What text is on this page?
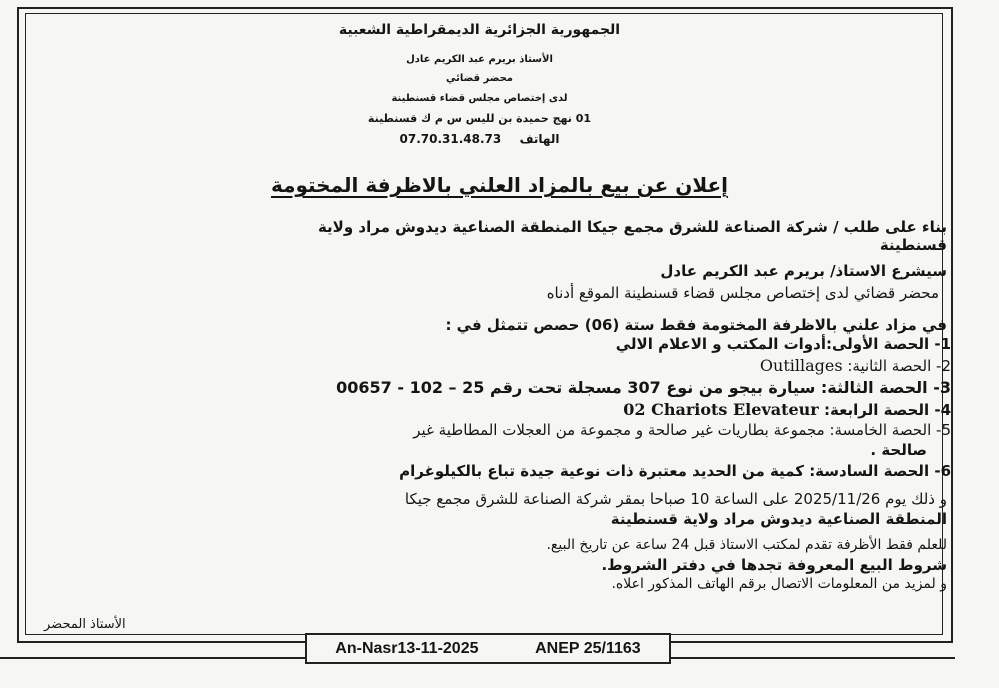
الجمهورية الجزائرية الديمقراطية الشعبية
الأستاذ بريرم عبد الكريم عادل
محضر قضائي
لدى إختصاص مجلس قضاء قسنطينة
01 نهج حميدة بن لليس س م ك قسنطينة
الهاتف  07.70.31.48.73
إعلان عن بيع بالمزاد العلني بالاظرفة المختومة
بناء على طلب / شركة الصناعة للشرق مجمع جيكا المنطقة الصناعية ديدوش مراد ولاية
قسنطينة
سيشرع الاستاذ/ بريرم عبد الكريم عادل
محضر قضائي لدى إختصاص مجلس قضاء قسنطينة الموقع أدناه
في مزاد علني بالاظرفة المختومة فقط ستة (06) حصص تتمثل في :
1- الحصة الأولى:أدوات المكتب و الاعلام الالي
2- الحصة الثانية: Outillages
3- الحصة الثالثة: سيارة بيجو من نوع 307 مسجلة تحت رقم 25 – 102 - 00657
4- الحصة الرابعة: 02 Chariots Elevateur
5- الحصة الخامسة: مجموعة بطاريات غير صالحة و مجموعة من العجلات المطاطية غير
صالحة .
6- الحصة السادسة: كمية من الحديد معتبرة ذات نوعية جيدة تباع بالكيلوغرام
و ذلك يوم 2025/11/26 على الساعة 10 صباحا بمقر شركة الصناعة للشرق مجمع جيكا
المنطقة الصناعية ديدوش مراد ولاية قسنطينة
للعلم فقط الأظرفة تقدم لمكتب الاستاذ قبل 24 ساعة عن تاريخ البيع.
شروط البيع المعروفة تجدها في دفتر الشروط.
و لمزيد من المعلومات الاتصال برقم الهاتف المذكور اعلاه.
الأستاذ المحضر
An-Nasr13-11-2025	ANEP 25/1163
